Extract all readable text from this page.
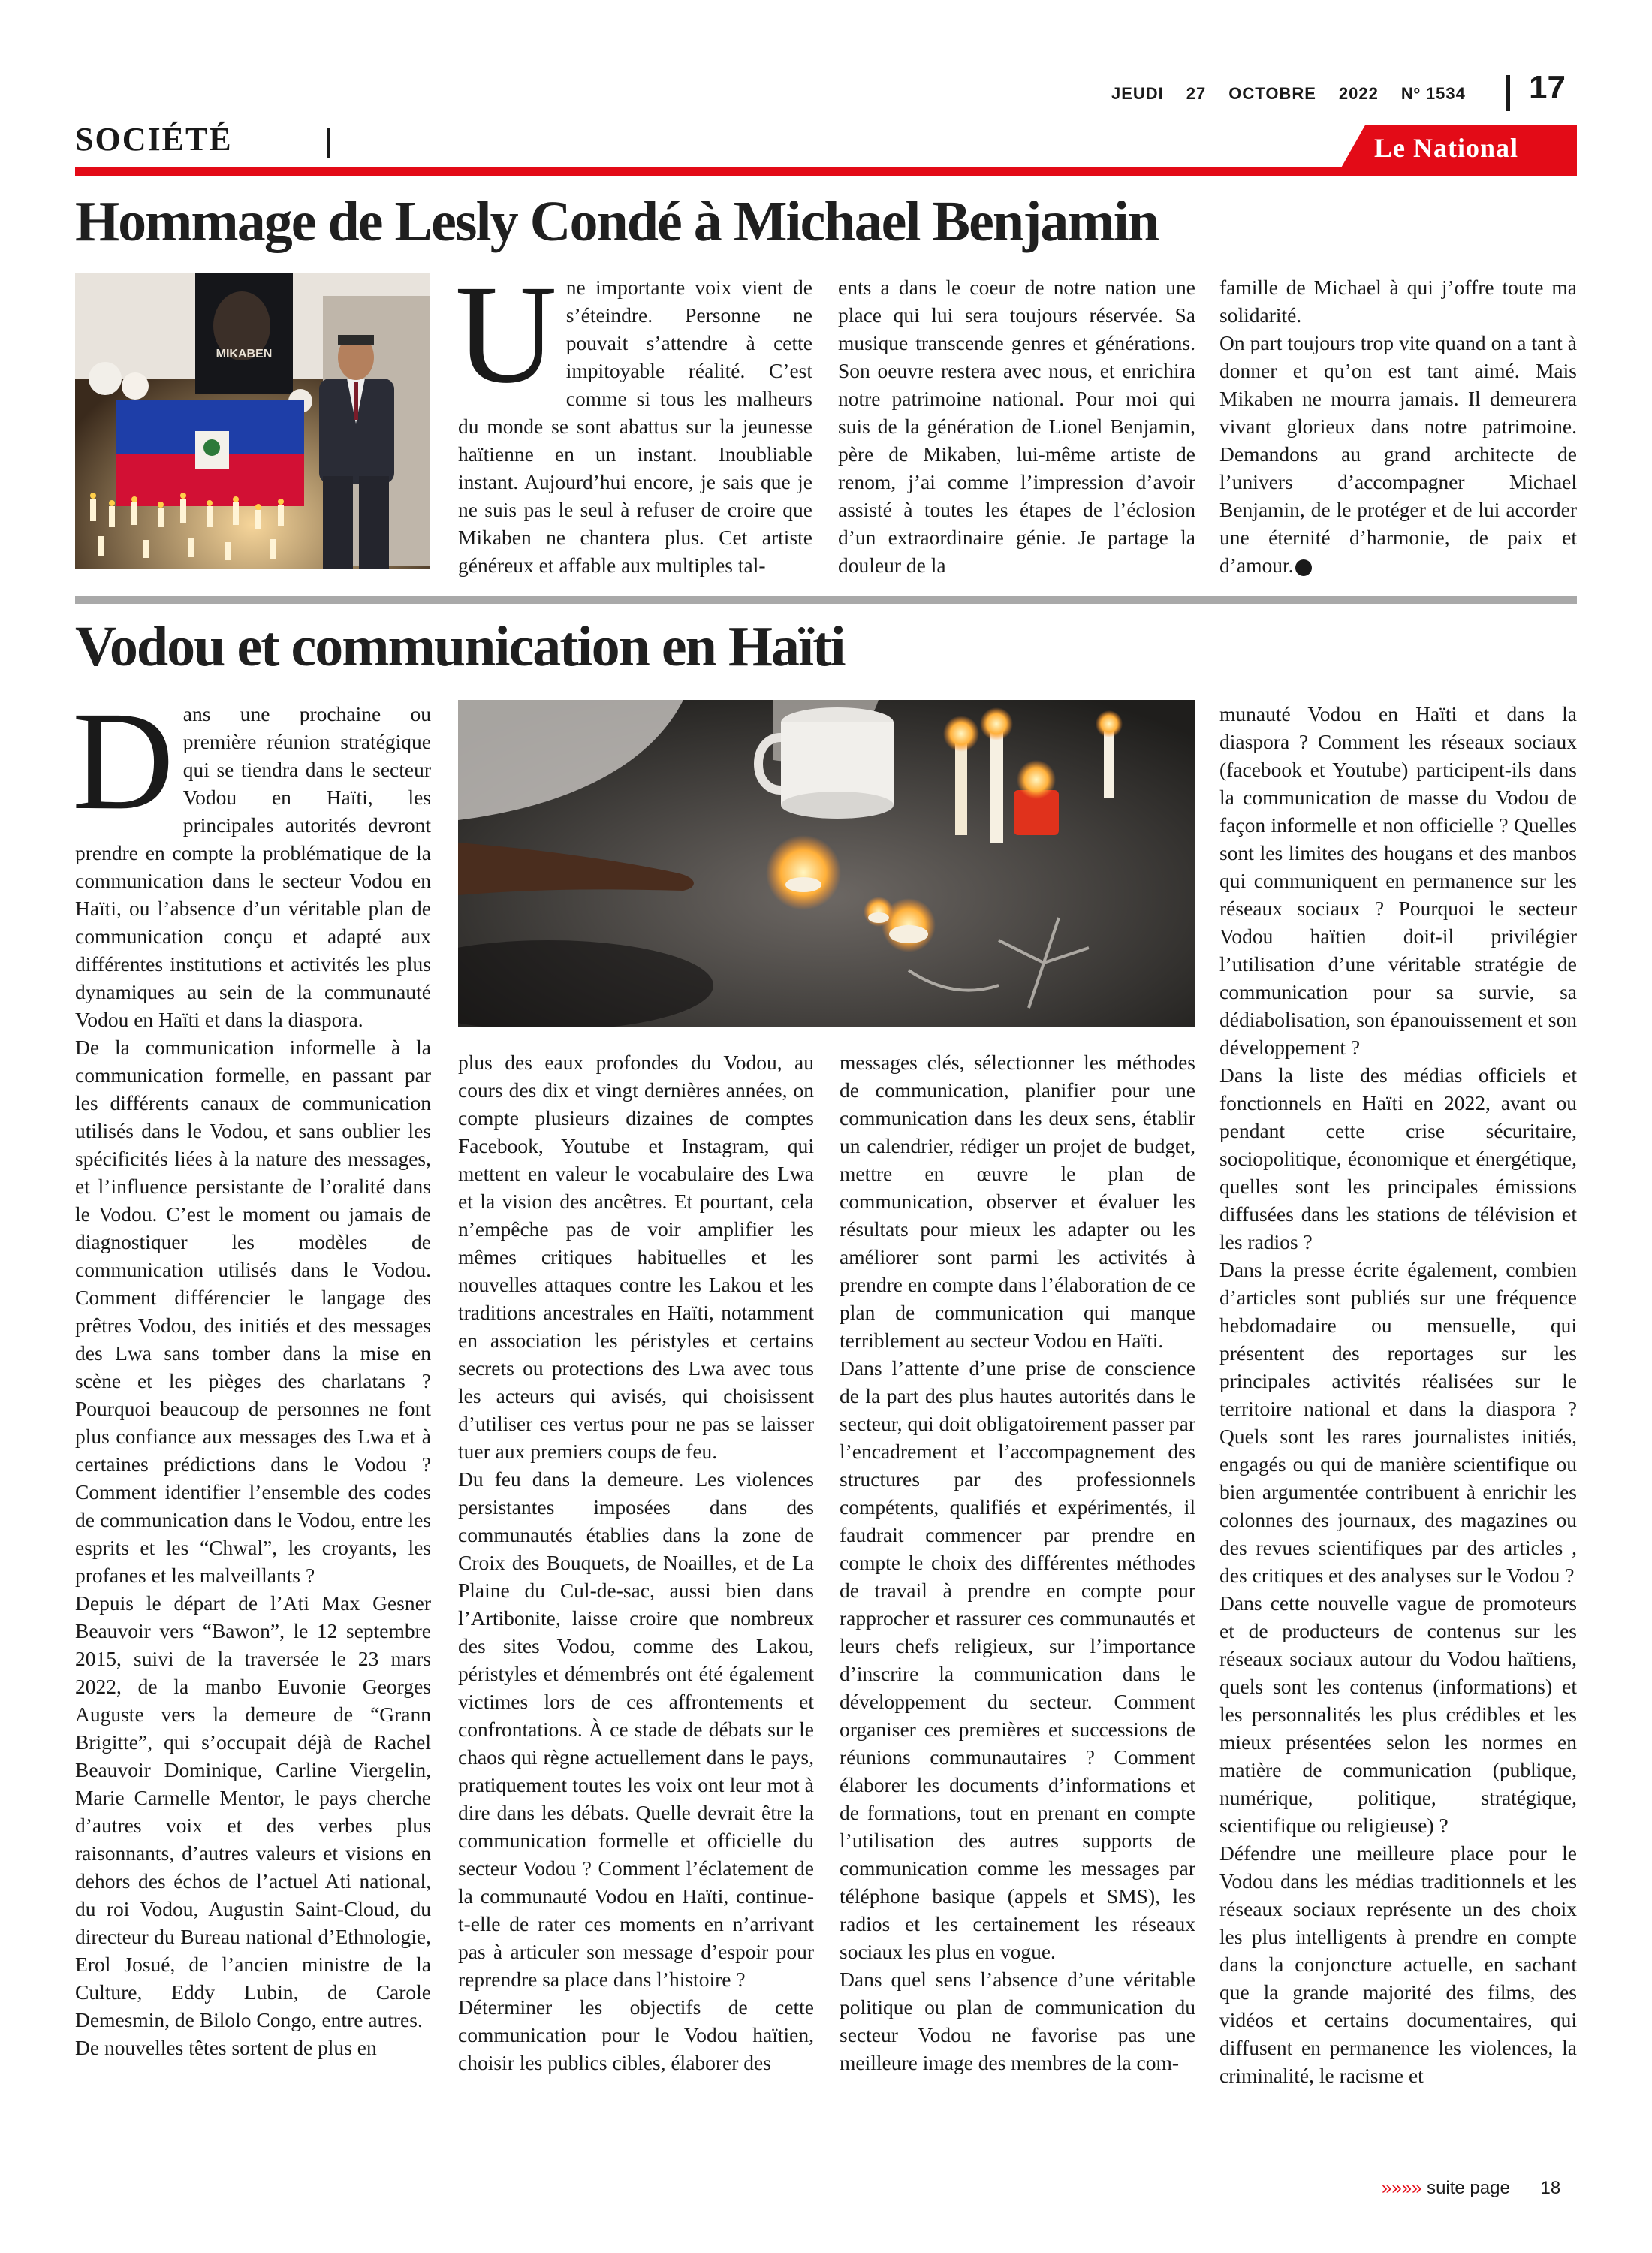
JEUDI 27 OCTOBRE 2022 Nº 1534	17
SOCIÉTÉ	Le National
Hommage de Lesly Condé à Michael Benjamin
MIKABEN U ne importante voix vient de s’éteindre. Personne ne pouvait s’attendre à cette impitoyable réalité. C’est comme si tous les malheurs du monde se sont abattus sur la jeunesse haïtienne en un instant. Inoubliable instant. Aujourd’hui encore, je sais que je ne suis pas le seul à refuser de croire que Mikaben ne chantera plus. Cet artiste généreux et affable aux multiples tal-

ents a dans le coeur de notre nation une place qui lui sera toujours réservée. Sa musique transcende genres et générations. Son oeuvre restera avec nous, et enrichira notre patrimoine national. Pour moi qui suis de la génération de Lionel Benjamin, père de Mikaben, lui-même artiste de renom, j’ai comme l’impression d’avoir assisté à toutes les étapes de l’éclosion d’un extraordinaire génie. Je partage la douleur de la

famille de Michael à qui j’offre toute ma solidarité.

On part toujours trop vite quand on a tant à donner et qu’on est tant aimé. Mais Mikaben ne mourra jamais. Il demeurera vivant glorieux dans notre patrimoine. Demandons au grand architecte de l’univers d’accompagner Michael Benjamin, de le protéger et de lui accorder une éternité d’harmonie, de paix et d’amour.

Vodou et communication en Haïti
D ans une prochaine ou première réunion stratégique qui se tiendra dans le secteur Vodou en Haïti, les principales autorités devront prendre en compte la problématique de la communication dans le secteur Vodou en Haïti, ou l’absence d’un véritable plan de communication conçu et adapté aux différentes institutions et activités les plus dynamiques au sein de la communauté Vodou en Haïti et dans la diaspora.

De la communication informelle à la communication formelle, en passant par les différents canaux de communication utilisés dans le Vodou, et sans oublier les spécificités liées à la nature des messages, et l’influence persistante de l’oralité dans le Vodou. C’est le moment ou jamais de diagnostiquer les modèles de communication utilisés dans le Vodou. Comment différencier le langage des prêtres Vodou, des initiés et des messages des Lwa sans tomber dans la mise en scène et les pièges des charlatans ? Pourquoi beaucoup de personnes ne font plus confiance aux messages des Lwa et à certaines prédictions dans le Vodou ? Comment identifier l’ensemble des codes de communication dans le Vodou, entre les esprits et les “Chwal”, les croyants, les profanes et les malveillants ?

Depuis le départ de l’Ati Max Gesner Beauvoir vers “Bawon”, le 12 septembre 2015, suivi de la traversée le 23 mars 2022, de la manbo Euvonie Georges Auguste vers la demeure de “Grann Brigitte”, qui s’occupait déjà de Rachel Beauvoir Dominique, Carline Viergelin, Marie Carmelle Mentor, le pays cherche d’autres voix et des verbes plus raisonnants, d’autres valeurs et visions en dehors des échos de l’actuel Ati national, du roi Vodou, Augustin Saint-Cloud, du directeur du Bureau national d’Ethnologie, Erol Josué, de l’ancien ministre de la Culture, Eddy Lubin, de Carole Demesmin, de Bilolo Congo, entre autres.

De nouvelles têtes sortent de plus en

plus des eaux profondes du Vodou, au cours des dix et vingt dernières années, on compte plusieurs dizaines de comptes Facebook, Youtube et Instagram, qui mettent en valeur le vocabulaire des Lwa et la vision des ancêtres. Et pourtant, cela n’empêche pas de voir amplifier les mêmes critiques habituelles et les nouvelles attaques contre les Lakou et les traditions ancestrales en Haïti, notamment en association les péristyles et certains secrets ou protections des Lwa avec tous les acteurs qui avisés, qui choisissent d’utiliser ces vertus pour ne pas se laisser tuer aux premiers coups de feu.

Du feu dans la demeure. Les violences persistantes imposées dans des communautés établies dans la zone de Croix des Bouquets, de Noailles, et de La Plaine du Cul-de-sac, aussi bien dans l’Artibonite, laisse croire que nombreux des sites Vodou, comme des Lakou, péristyles et démembrés ont été également victimes lors de ces affrontements et confrontations. À ce stade de débats sur le chaos qui règne actuellement dans le pays, pratiquement toutes les voix ont leur mot à dire dans les débats. Quelle devrait être la communication formelle et officielle du secteur Vodou ? Comment l’éclatement de la communauté Vodou en Haïti, continue-t-elle de rater ces moments en n’arrivant pas à articuler son message d’espoir pour reprendre sa place dans l’histoire ?

Déterminer les objectifs de cette communication pour le Vodou haïtien, choisir les publics cibles, élaborer des

messages clés, sélectionner les méthodes de communication, planifier pour une communication dans les deux sens, établir un calendrier, rédiger un projet de budget, mettre en œuvre le plan de communication, observer et évaluer les résultats pour mieux les adapter ou les améliorer sont parmi les activités à prendre en compte dans l’élaboration de ce plan de communication qui manque terriblement au secteur Vodou en Haïti.

Dans l’attente d’une prise de conscience de la part des plus hautes autorités dans le secteur, qui doit obligatoirement passer par l’encadrement et l’accompagnement des structures par des professionnels compétents, qualifiés et expérimentés, il faudrait commencer par prendre en compte le choix des différentes méthodes de travail à prendre en compte pour rapprocher et rassurer ces communautés et leurs chefs religieux, sur l’importance d’inscrire la communication dans le développement du secteur. Comment organiser ces premières et successions de réunions communautaires ? Comment élaborer les documents d’informations et de formations, tout en prenant en compte l’utilisation des autres supports de communication comme les messages par téléphone basique (appels et SMS), les radios et les certainement les réseaux sociaux les plus en vogue.

Dans quel sens l’absence d’une véritable politique ou plan de communication du secteur Vodou ne favorise pas une meilleure image des membres de la com-

munauté Vodou en Haïti et dans la diaspora ? Comment les réseaux sociaux (facebook et Youtube) participent-ils dans la communication de masse du Vodou de façon informelle et non officielle ? Quelles sont les limites des hougans et des manbos qui communiquent en permanence sur les réseaux sociaux ? Pourquoi le secteur Vodou haïtien doit-il privilégier l’utilisation d’une véritable stratégie de communication pour sa survie, sa dédiabolisation, son épanouissement et son développement ?

Dans la liste des médias officiels et fonctionnels en Haïti en 2022, avant ou pendant cette crise sécuritaire, sociopolitique, économique et énergétique, quelles sont les principales émissions diffusées dans les stations de télévision et les radios ?

Dans la presse écrite également, combien d’articles sont publiés sur une fréquence hebdomadaire ou mensuelle, qui présentent des reportages sur les principales activités réalisées sur le territoire national et dans la diaspora ? Quels sont les rares journalistes initiés, engagés ou qui de manière scientifique ou bien argumentée contribuent à enrichir les colonnes des journaux, des magazines ou des revues scientifiques par des articles , des critiques et des analyses sur le Vodou ?

Dans cette nouvelle vague de promoteurs et de producteurs de contenus sur les réseaux sociaux autour du Vodou haïtiens, quels sont les contenus (informations) et les personnalités les plus crédibles et les mieux présentées selon les normes en matière de communication (publique, numérique, politique, stratégique, scientifique ou religieuse) ?

Défendre une meilleure place pour le Vodou dans les médias traditionnels et les réseaux sociaux représente un des choix les plus intelligents à prendre en compte dans la conjoncture actuelle, en sachant que la grande majorité des films, des vidéos et certains documentaires, qui diffusent en permanence les violences, la criminalité, le racisme et

»»»» suite page 18
